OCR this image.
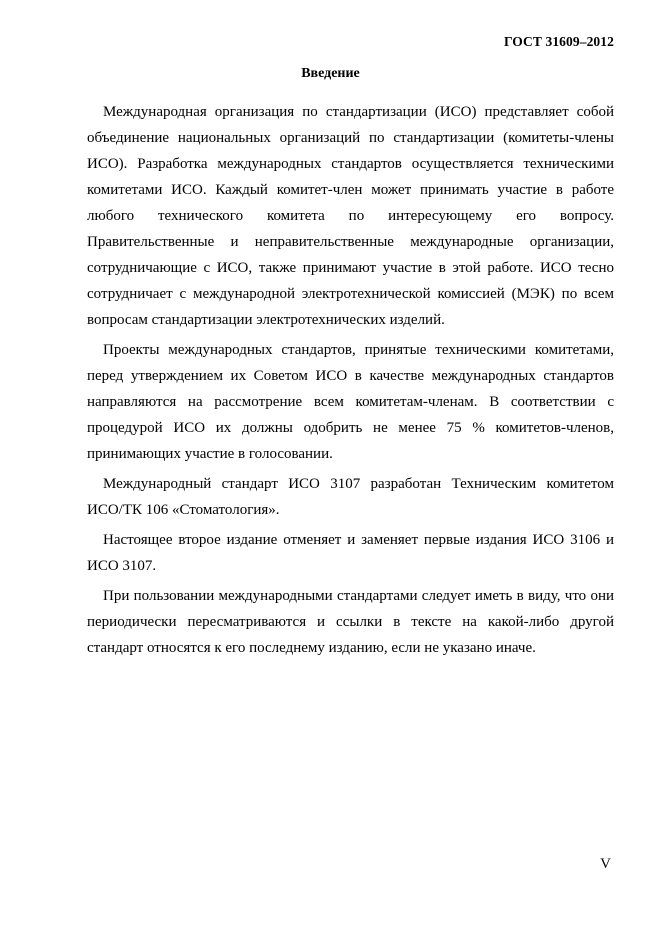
ГОСТ 31609–2012
Введение

Международная организация по стандартизации (ИСО) представляет собой объединение национальных организаций по стандартизации (комитеты-члены ИСО). Разработка международных стандартов осуществляется техническими комитетами ИСО. Каждый комитет-член может принимать участие в работе любого технического комитета по интересующему его вопросу. Правительственные и неправительственные международные организации, сотрудничающие с ИСО, также принимают участие в этой работе. ИСО тесно сотрудничает с международной электротехнической комиссией (МЭК) по всем вопросам стандартизации электротехнических изделий.

Проекты международных стандартов, принятые техническими комитетами, перед утверждением их Советом ИСО в качестве международных стандартов направляются на рассмотрение всем комитетам-членам. В соответствии с процедурой ИСО их должны одобрить не менее 75 % комитетов-членов, принимающих участие в голосовании.

Международный стандарт ИСО 3107 разработан Техническим комитетом ИСО/ТК 106 «Стоматология».

Настоящее второе издание отменяет и заменяет первые издания ИСО 3106 и ИСО 3107.

При пользовании международными стандартами следует иметь в виду, что они периодически пересматриваются и ссылки в тексте на какой-либо другой стандарт относятся к его последнему изданию, если не указано иначе.

V
